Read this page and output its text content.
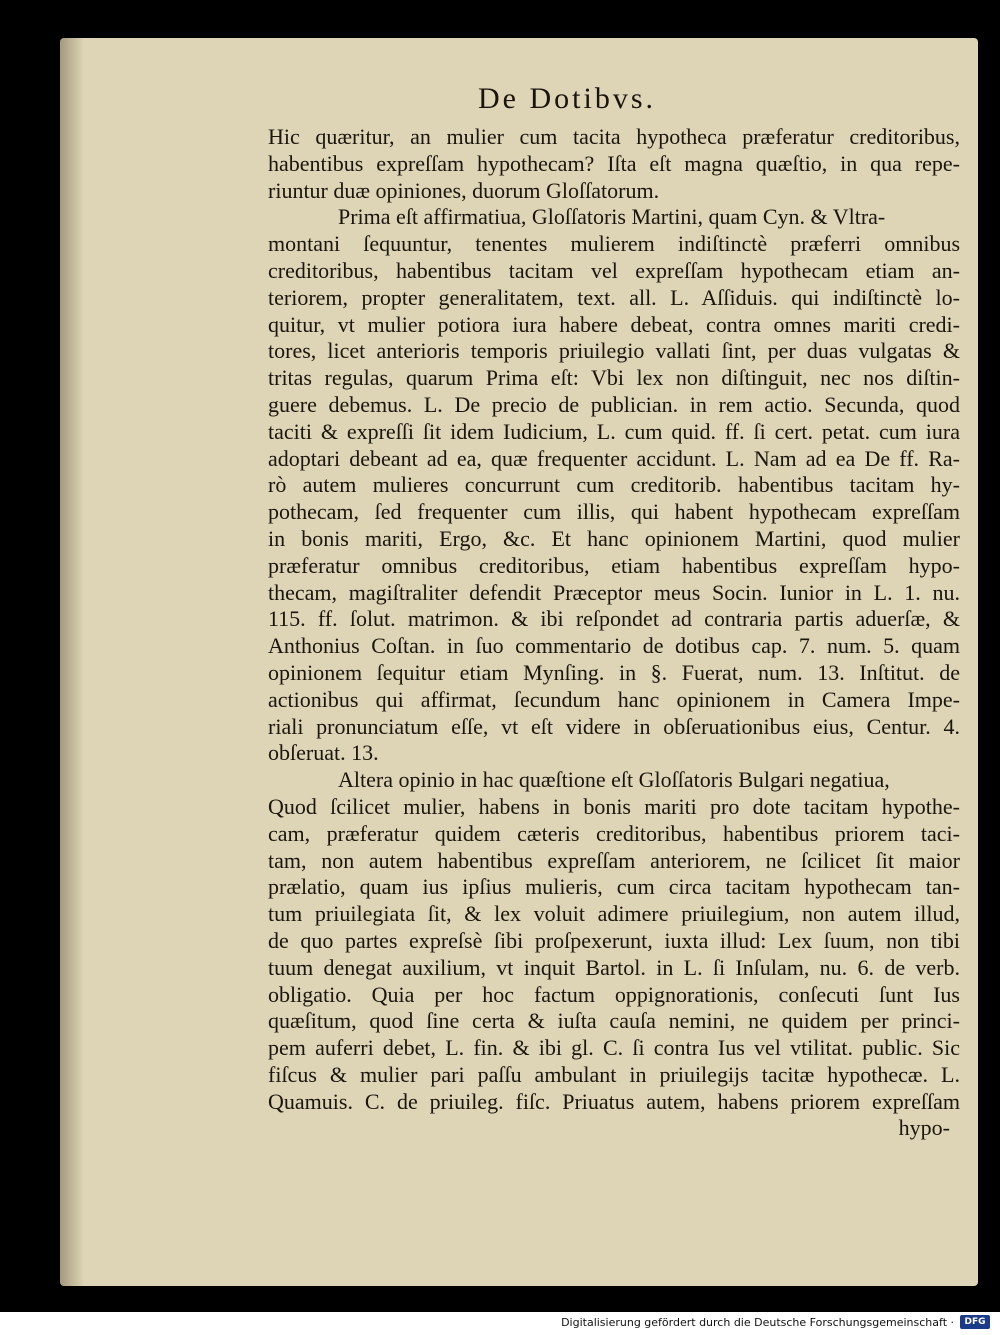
De Dotibvs.
Hic quæritur, an mulier cum tacita hypotheca præferatur creditoribus,
habentibus expreſſam hypothecam? Iſta eſt magna quæſtio, in qua repe-
riuntur duæ opiniones, duorum Gloſſatorum.
Prima eſt affirmatiua, Gloſſatoris Martini, quam Cyn. & Vltra-
montani ſequuntur, tenentes mulierem indiſtinctè præferri omnibus
creditoribus, habentibus tacitam vel expreſſam hypothecam etiam an-
teriorem, propter generalitatem, text. all. L. Aſſiduis. qui indiſtinctè lo-
quitur, vt mulier potiora iura habere debeat, contra omnes mariti credi-
tores, licet anterioris temporis priuilegio vallati ſint, per duas vulgatas &
tritas regulas, quarum Prima eſt: Vbi lex non diſtinguit, nec nos diſtin-
guere debemus. L. De precio de publician. in rem actio. Secunda, quod
taciti & expreſſi ſit idem Iudicium, L. cum quid. ff. ſi cert. petat. cum iura
adoptari debeant ad ea, quæ frequenter accidunt. L. Nam ad ea De ff. Ra-
rò autem mulieres concurrunt cum creditorib. habentibus tacitam hy-
pothecam, ſed frequenter cum illis, qui habent hypothecam expreſſam
in bonis mariti, Ergo, &c. Et hanc opinionem Martini, quod mulier
præferatur omnibus creditoribus, etiam habentibus expreſſam hypo-
thecam, magiſtraliter defendit Præceptor meus Socin. Iunior in L. 1. nu.
115. ff. ſolut. matrimon. & ibi reſpondet ad contraria partis aduerſæ, &
Anthonius Coſtan. in ſuo commentario de dotibus cap. 7. num. 5. quam
opinionem ſequitur etiam Mynſing. in §. Fuerat, num. 13. Inſtitut. de
actionibus qui affirmat, ſecundum hanc opinionem in Camera Impe-
riali pronunciatum eſſe, vt eſt videre in obſeruationibus eius, Centur. 4.
obſeruat. 13.
Altera opinio in hac quæſtione eſt Gloſſatoris Bulgari negatiua,
Quod ſcilicet mulier, habens in bonis mariti pro dote tacitam hypothe-
cam, præferatur quidem cæteris creditoribus, habentibus priorem taci-
tam, non autem habentibus expreſſam anteriorem, ne ſcilicet ſit maior
prælatio, quam ius ipſius mulieris, cum circa tacitam hypothecam tan-
tum priuilegiata ſit, & lex voluit adimere priuilegium, non autem illud,
de quo partes expreſsè ſibi proſpexerunt, iuxta illud: Lex ſuum, non tibi
tuum denegat auxilium, vt inquit Bartol. in L. ſi Inſulam, nu. 6. de verb.
obligatio. Quia per hoc factum oppignorationis, conſecuti ſunt Ius
quæſitum, quod ſine certa & iuſta cauſa nemini, ne quidem per princi-
pem auferri debet, L. fin. & ibi gl. C. ſi contra Ius vel vtilitat. public. Sic
fiſcus & mulier pari paſſu ambulant in priuilegijs tacitæ hypothecæ. L.
Quamuis. C. de priuileg. fiſc. Priuatus autem, habens priorem expreſſam
hypo-
Digitalisierung gefördert durch die Deutsche Forschungsgemeinschaft ·	DFG
